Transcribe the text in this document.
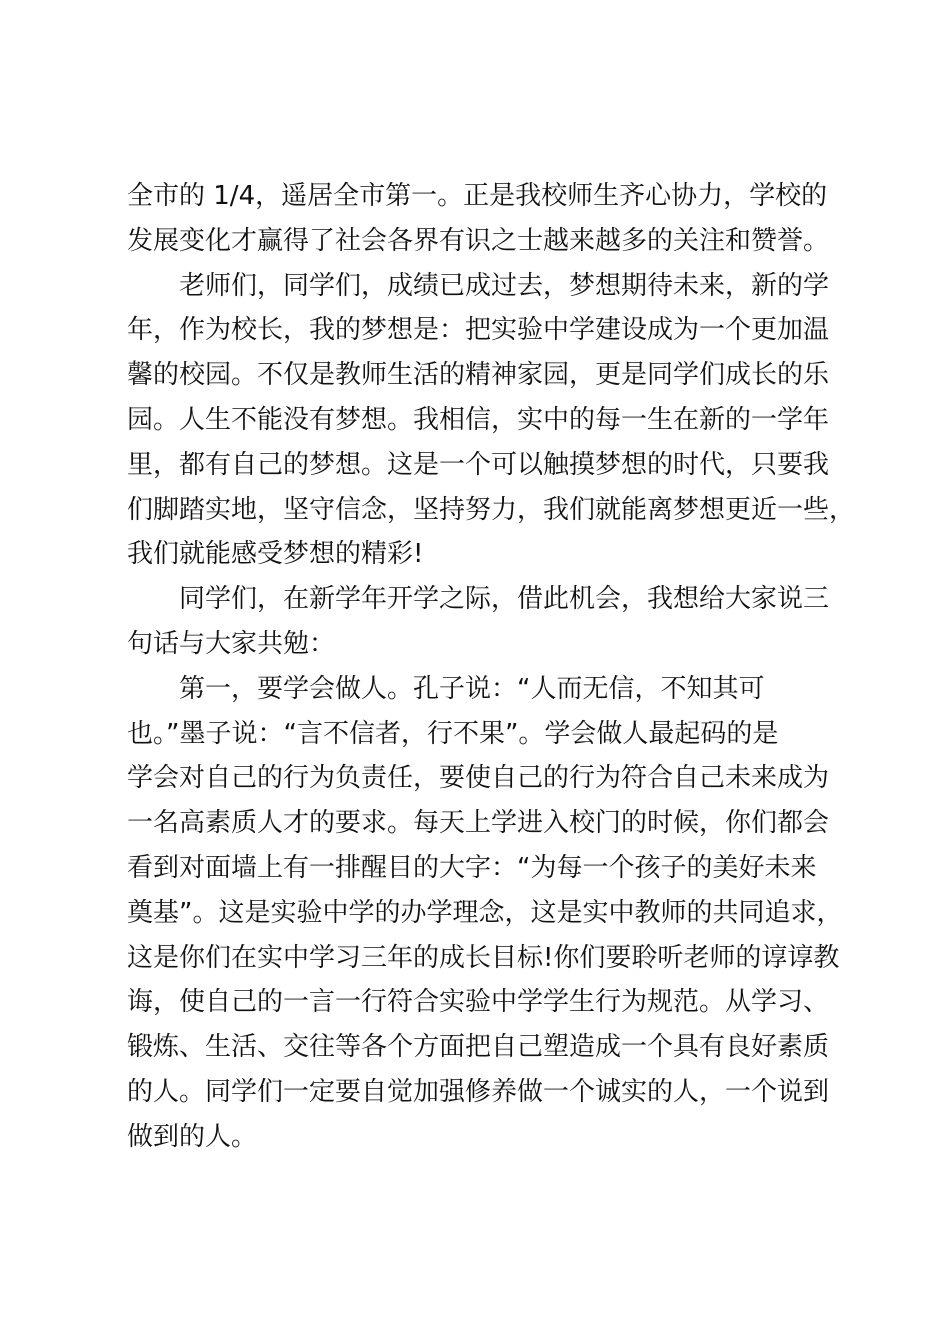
全市的 1/4，遥居全市第一。正是我校师生齐心协力，学校的
发展变化才赢得了社会各界有识之士越来越多的关注和赞誉。
老师们，同学们，成绩已成过去，梦想期待未来，新的学
年，作为校长，我的梦想是：把实验中学建设成为一个更加温
馨的校园。不仅是教师生活的精神家园，更是同学们成长的乐
园。人生不能没有梦想。我相信，实中的每一生在新的一学年
里，都有自己的梦想。这是一个可以触摸梦想的时代，只要我
们脚踏实地，坚守信念，坚持努力，我们就能离梦想更近一些，
我们就能感受梦想的精彩!
同学们，在新学年开学之际，借此机会，我想给大家说三
句话与大家共勉：
第一，要学会做人。孔子说：“人而无信，不知其可
也。”墨子说：“言不信者，行不果”。学会做人最起码的是
学会对自己的行为负责任，要使自己的行为符合自己未来成为
一名高素质人才的要求。每天上学进入校门的时候，你们都会
看到对面墙上有一排醒目的大字：“为每一个孩子的美好未来
奠基”。这是实验中学的办学理念，这是实中教师的共同追求，
这是你们在实中学习三年的成长目标!你们要聆听老师的谆谆教
诲，使自己的一言一行符合实验中学学生行为规范。从学习、
锻炼、生活、交往等各个方面把自己塑造成一个具有良好素质
的人。同学们一定要自觉加强修养做一个诚实的人，一个说到
做到的人。
